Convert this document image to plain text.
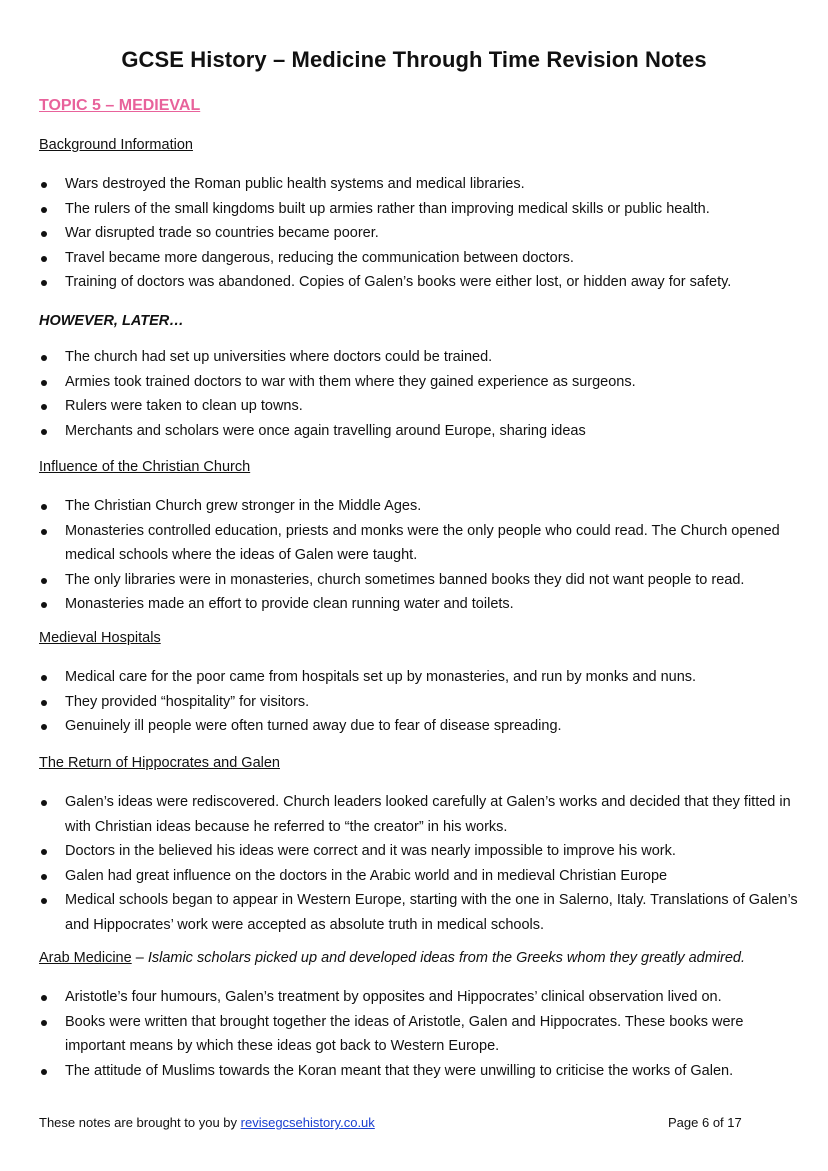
GCSE History – Medicine Through Time Revision Notes
TOPIC 5 – MEDIEVAL
Background Information
Wars destroyed the Roman public health systems and medical libraries.
The rulers of the small kingdoms built up armies rather than improving medical skills or public health.
War disrupted trade so countries became poorer.
Travel became more dangerous, reducing the communication between doctors.
Training of doctors was abandoned. Copies of Galen’s books were either lost, or hidden away for safety.
HOWEVER, LATER…
The church had set up universities where doctors could be trained.
Armies took trained doctors to war with them where they gained experience as surgeons.
Rulers were taken to clean up towns.
Merchants and scholars were once again travelling around Europe, sharing ideas
Influence of the Christian Church
The Christian Church grew stronger in the Middle Ages.
Monasteries controlled education, priests and monks were the only people who could read. The Church opened medical schools where the ideas of Galen were taught.
The only libraries were in monasteries, church sometimes banned books they did not want people to read.
Monasteries made an effort to provide clean running water and toilets.
Medieval Hospitals
Medical care for the poor came from hospitals set up by monasteries, and run by monks and nuns.
They provided “hospitality” for visitors.
Genuinely ill people were often turned away due to fear of disease spreading.
The Return of Hippocrates and Galen
Galen’s ideas were rediscovered. Church leaders looked carefully at Galen’s works and decided that they fitted in with Christian ideas because he referred to “the creator” in his works.
Doctors in the believed his ideas were correct and it was nearly impossible to improve his work.
Galen had great influence on the doctors in the Arabic world and in medieval Christian Europe
Medical schools began to appear in Western Europe, starting with the one in Salerno, Italy. Translations of Galen’s and Hippocrates’ work were accepted as absolute truth in medical schools.
Arab Medicine – Islamic scholars picked up and developed ideas from the Greeks whom they greatly admired.
Aristotle’s four humours, Galen’s treatment by opposites and Hippocrates’ clinical observation lived on.
Books were written that brought together the ideas of Aristotle, Galen and Hippocrates. These books were important means by which these ideas got back to Western Europe.
The attitude of Muslims towards the Koran meant that they were unwilling to criticise the works of Galen.
These notes are brought to you by revisegcsehistory.co.uk	Page 6 of 17
